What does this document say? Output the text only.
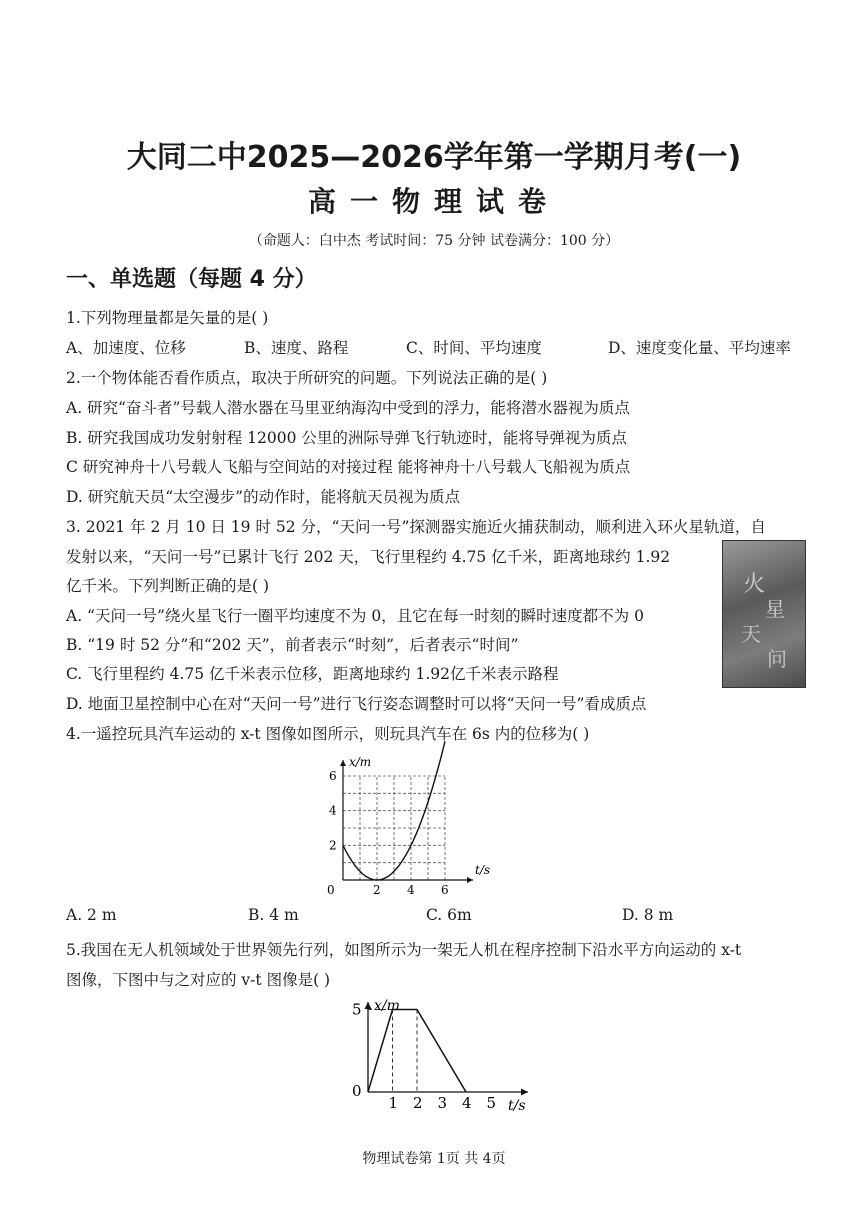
大同二中2025—2026学年第一学期月考(一)
高一物理试卷
（命题人：白中杰 考试时间：75 分钟 试卷满分：100 分）
一、单选题（每题 4 分）
1.下列物理量都是矢量的是( )
A、加速度、位移	B、速度、路程	C、时间、平均速度	D、速度变化量、平均速率
2.一个物体能否看作质点，取决于所研究的问题。下列说法正确的是( )
A. 研究“奋斗者”号载人潜水器在马里亚纳海沟中受到的浮力，能将潜水器视为质点
B. 研究我国成功发射射程 12000 公里的洲际导弹飞行轨迹时，能将导弹视为质点
C 研究神舟十八号载人飞船与空间站的对接过程 能将神舟十八号载人飞船视为质点
D. 研究航天员“太空漫步”的动作时，能将航天员视为质点
3. 2021 年 2 月 10 日 19 时 52 分，“天问一号”探测器实施近火捕获制动，顺利进入环火星轨道，自
发射以来，“天问一号”已累计飞行 202 天，飞行里程约 4.75 亿千米，距离地球约 1.92
亿千米。下列判断正确的是( )
A. “天问一号”绕火星飞行一圈平均速度不为 0，且它在每一时刻的瞬时速度都不为 0
B. “19 时 52 分”和“202 天”，前者表示“时刻”，后者表示“时间”
C. 飞行里程约 4.75 亿千米表示位移，距离地球约 1.92亿千米表示路程
D. 地面卫星控制中心在对“天问一号”进行飞行姿态调整时可以将“天问一号”看成质点
火
星
天
问
4.一遥控玩具汽车运动的 x-t 图像如图所示，则玩具汽车在 6s 内的位移为( )
2 4 6
2
4
6
0
t/s
x/m
A. 2 m	B. 4 m	C. 6m	D. 8 m
5.我国在无人机领域处于世界领先行列，如图所示为一架无人机在程序控制下沿水平方向运动的 x-t
图像，下图中与之对应的 v-t 图像是( )
1 2 3 4 5
5
0
t/s
x/m
物理试卷第 1页 共 4页
